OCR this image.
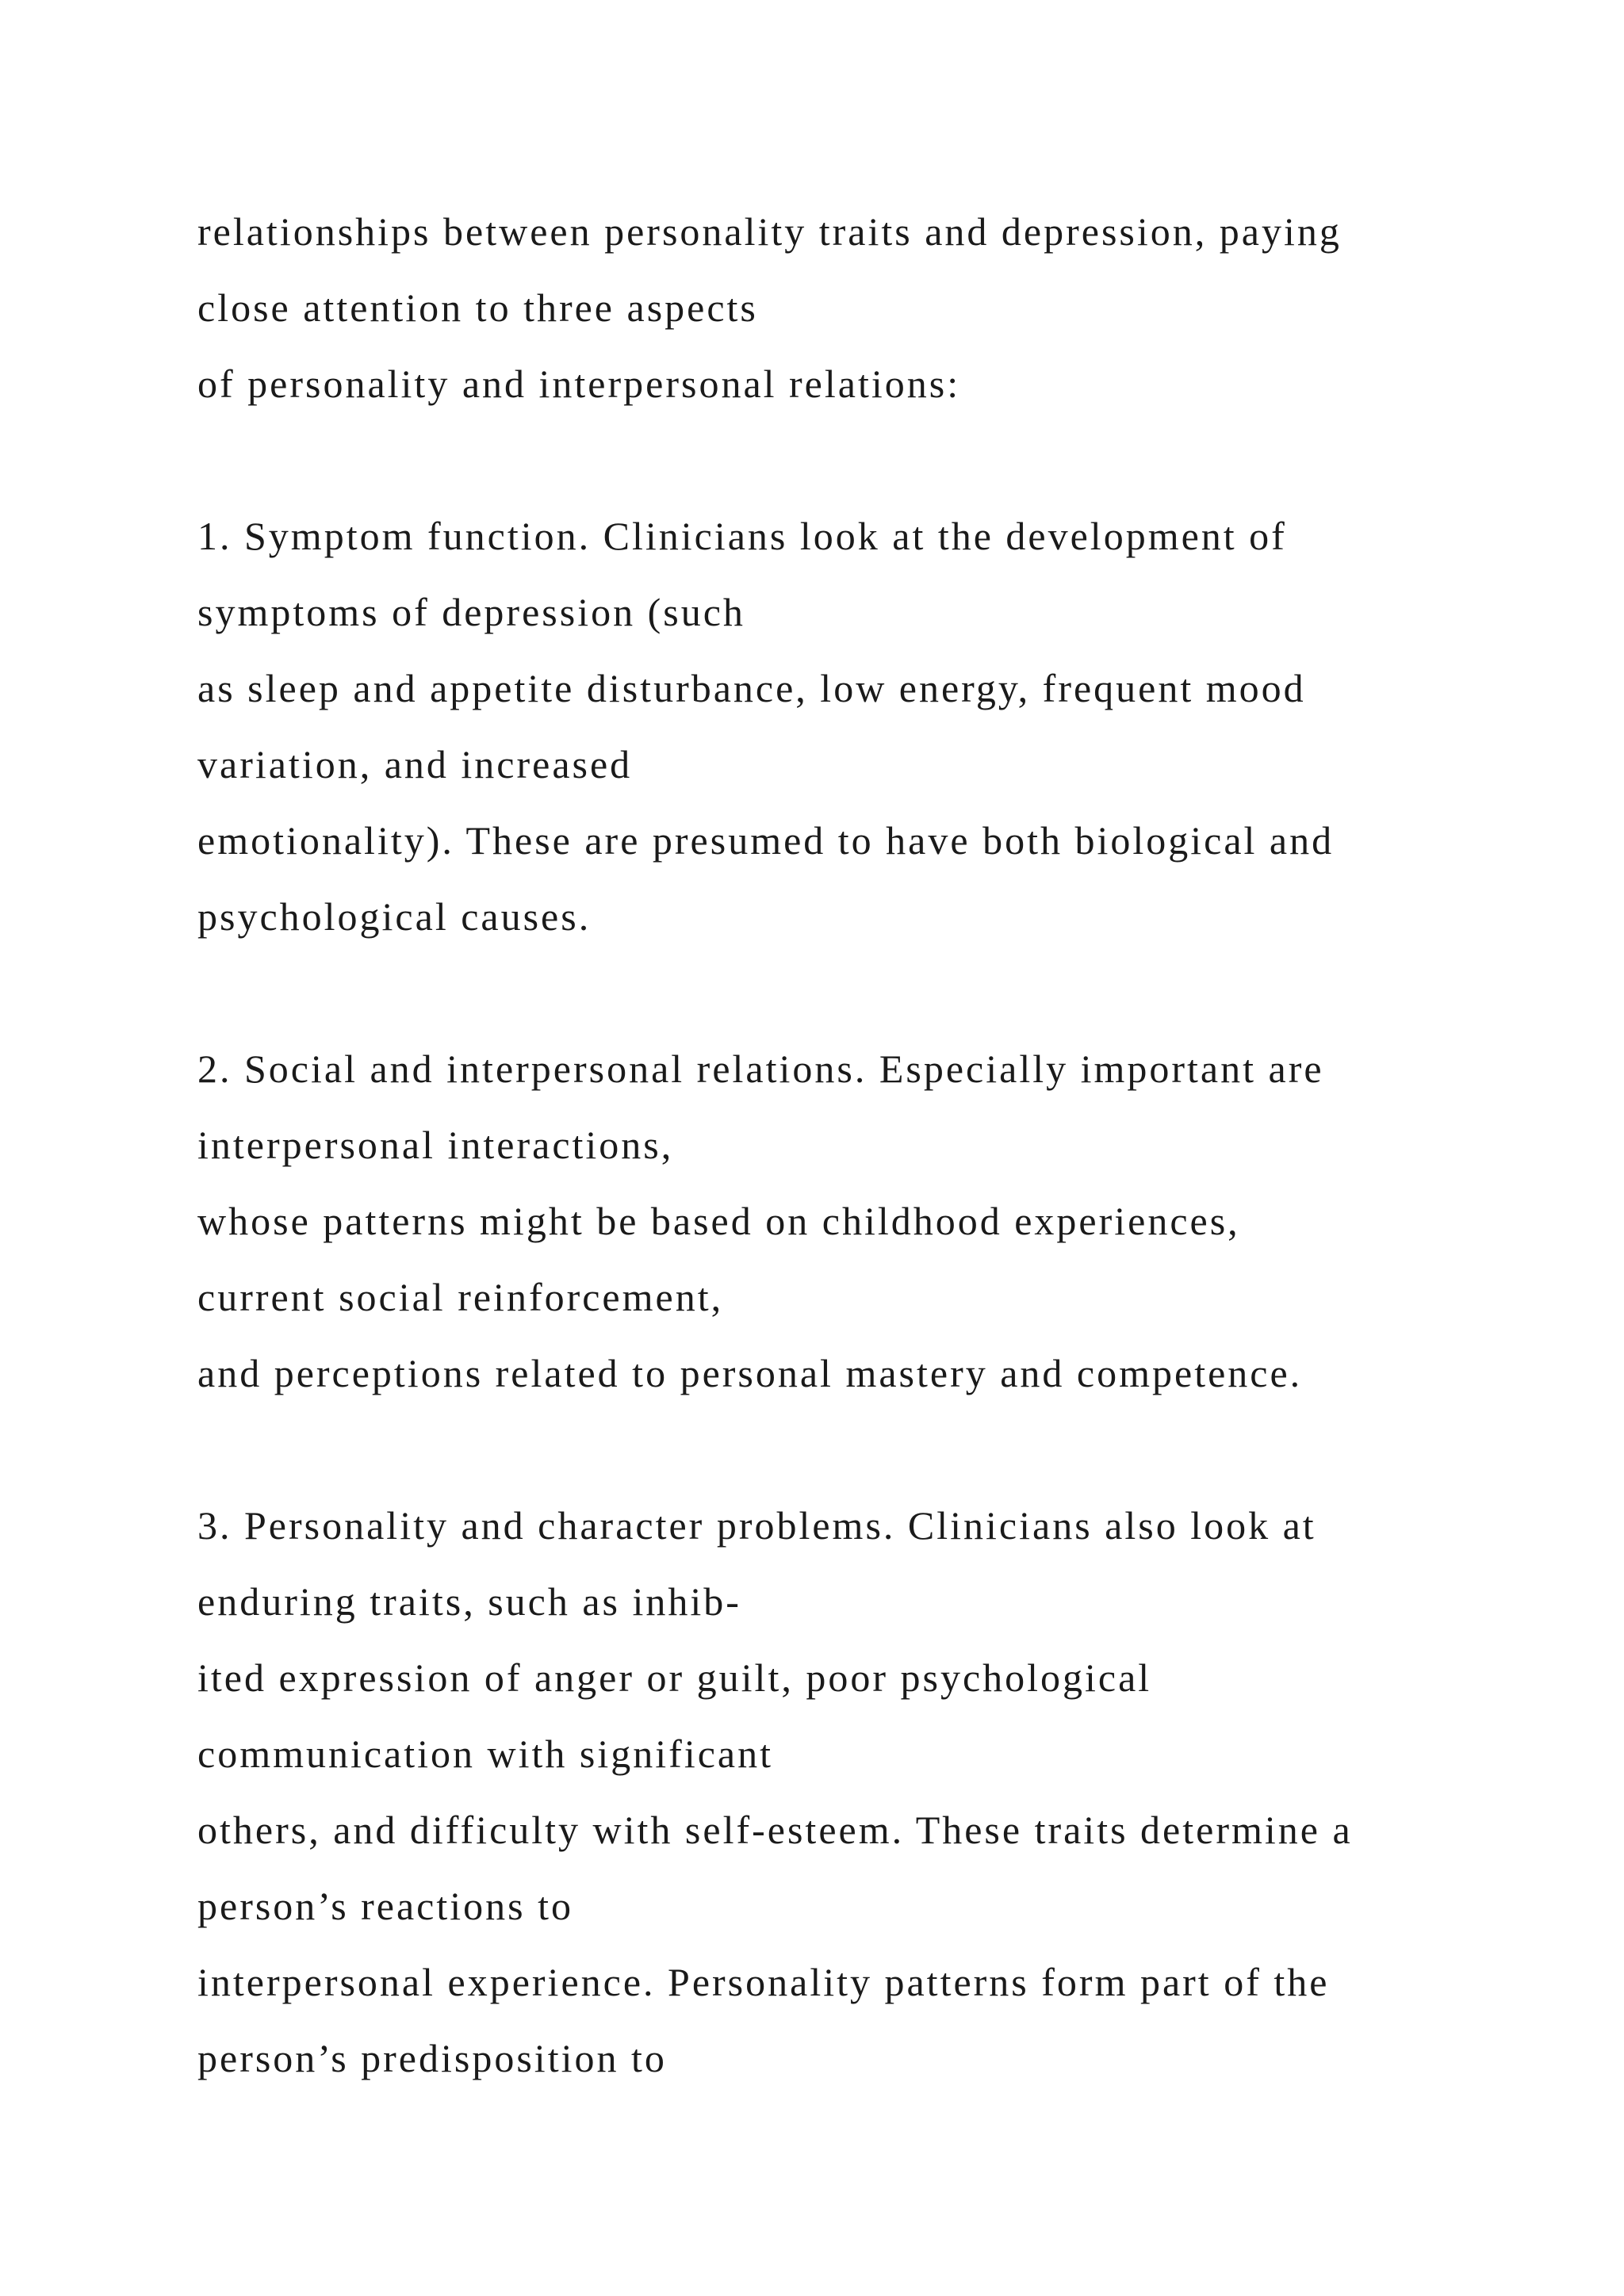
relationships between personality traits and depression, paying
close attention to three aspects
of personality and interpersonal relations:
1. Symptom function. Clinicians look at the development of
symptoms of depression (such
as sleep and appetite disturbance, low energy, frequent mood
variation, and increased
emotionality). These are presumed to have both biological and
psychological causes.
2. Social and interpersonal relations. Especially important are
interpersonal interactions,
whose patterns might be based on childhood experiences,
current social reinforcement,
and perceptions related to personal mastery and competence.
3. Personality and character problems. Clinicians also look at
enduring traits, such as inhib-
ited expression of anger or guilt, poor psychological
communication with significant
others, and difficulty with self-esteem. These traits determine a
person’s reactions to
interpersonal experience. Personality patterns form part of the
person’s predisposition to
